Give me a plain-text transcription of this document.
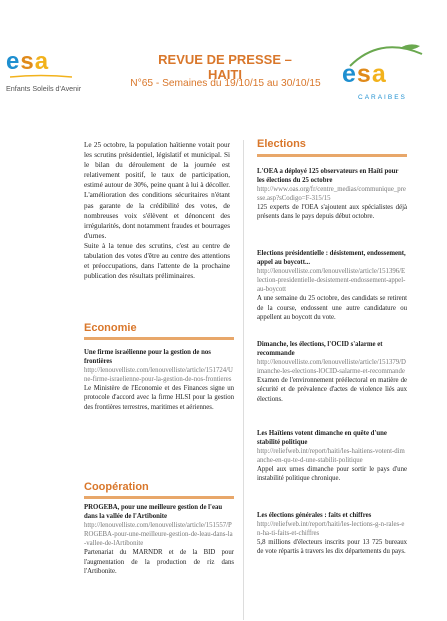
esa
Enfants Soleils d'Avenir
REVUE DE PRESSE – HAITI
N°65 - Semaines du 19/10/15 au 30/10/15 esa
CARAIBES

Le 25 octobre, la population haïtienne votait pour les scrutins présidentiel, législatif et municipal. Si le bilan du déroulement de la journée est relativement positif, le taux de participation, estimé autour de 30%, peine quant à lui à décoller. L'amélioration des conditions sécuritaires n'étant pas garante de la crédibilité des votes, de nombreuses voix s'élèvent et dénoncent des irrégularités, dont notamment fraudes et bourrages d'urnes.

Suite à la tenue des scrutins, c'est au centre de tabulation des votes d'être au centre des attentions et préoccupations, dans l'attente de la prochaine publication des résultats préliminaires.

Economie

Une firme israélienne pour la gestion de nos frontières

http://lenouvelliste.com/lenouvelliste/article/151724/Une-firme-israelienne-pour-la-gestion-de-nos-frontieres

Le Ministère de l'Economie et des Finances signe un protocole d'accord avec la firme HLSI pour la gestion des frontières terrestres, maritimes et aériennes.

Coopération

PROGEBA, pour une meilleure gestion de l'eau dans la vallée de l'Artibonite

http://lenouvelliste.com/lenouvelliste/article/151557/PROGEBA-pour-une-meilleure-gestion-de-leau-dans-la-vallee-de-lArtibonite

Partenariat du MARNDR et de la BID pour l'augmentation de la production de riz dans l'Artibonite.

Elections

L'OEA a déployé 125 observateurs en Haïti pour les élections du 25 octobre

http://www.oas.org/fr/centre_medias/communique_presse.asp?sCodigo=F-315/15

125 experts de l'OEA s'ajoutent aux spécialistes déjà présents dans le pays depuis début octobre.

Elections présidentielle : désistement, endossement, appel au boycott...

http://lenouvelliste.com/lenouvelliste/article/151396/Election-presidentielle-desistement-endossement-appel-au-boycott

A une semaine du 25 octobre, des candidats se retirent de la course, endossent une autre candidature ou appellent au boycott du vote.

Dimanche, les élections, l'OCID s'alarme et recommande

http://lenouvelliste.com/lenouvelliste/article/151379/Dimanche-les-elections-lOCID-salarme-et-recommande

Examen de l'environnement préélectoral en matière de sécurité et de prévalence d'actes de violence liés aux élections.

Les Haïtiens votent dimanche en quête d'une stabilité politique

http://reliefweb.int/report/haiti/les-haitiens-votent-dimanche-en-qu-te-d-une-stabilit-politique

Appel aux urnes dimanche pour sortir le pays d'une instabilité politique chronique.

Les élections générales : faits et chiffres

http://reliefweb.int/report/haiti/les-lections-g-n-rales-en-ha-ti-faits-et-chiffres

5,8 millions d'électeurs inscrits pour 13 725 bureaux de vote répartis à travers les dix départements du pays.
